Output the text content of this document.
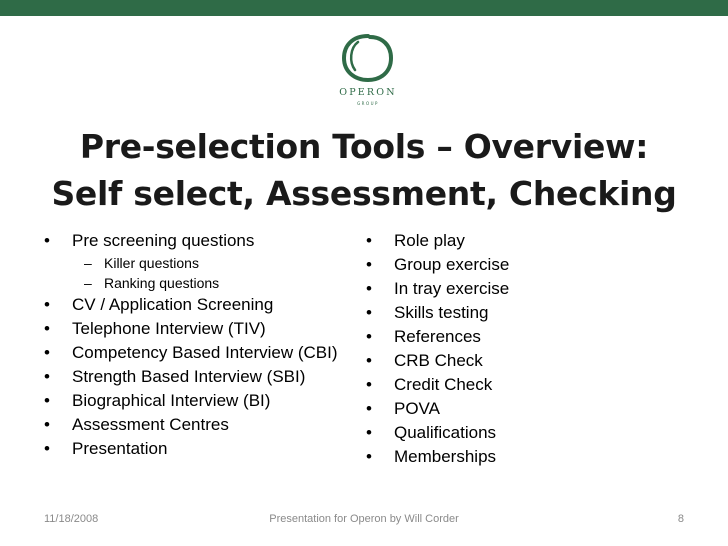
OPERON
GROUP
Pre-selection Tools – Overview:
Self select, Assessment, Checking
• Pre screening questions
– Killer questions
– Ranking questions
• CV / Application Screening
• Telephone Interview (TIV)
• Competency Based Interview (CBI)
• Strength Based Interview (SBI)
• Biographical Interview (BI)
• Assessment Centres
• Presentation
• Role play
• Group exercise
• In tray exercise
• Skills testing
• References
• CRB Check
• Credit Check
• POVA
• Qualifications
• Memberships
11/18/2008	Presentation for Operon by Will Corder	8
